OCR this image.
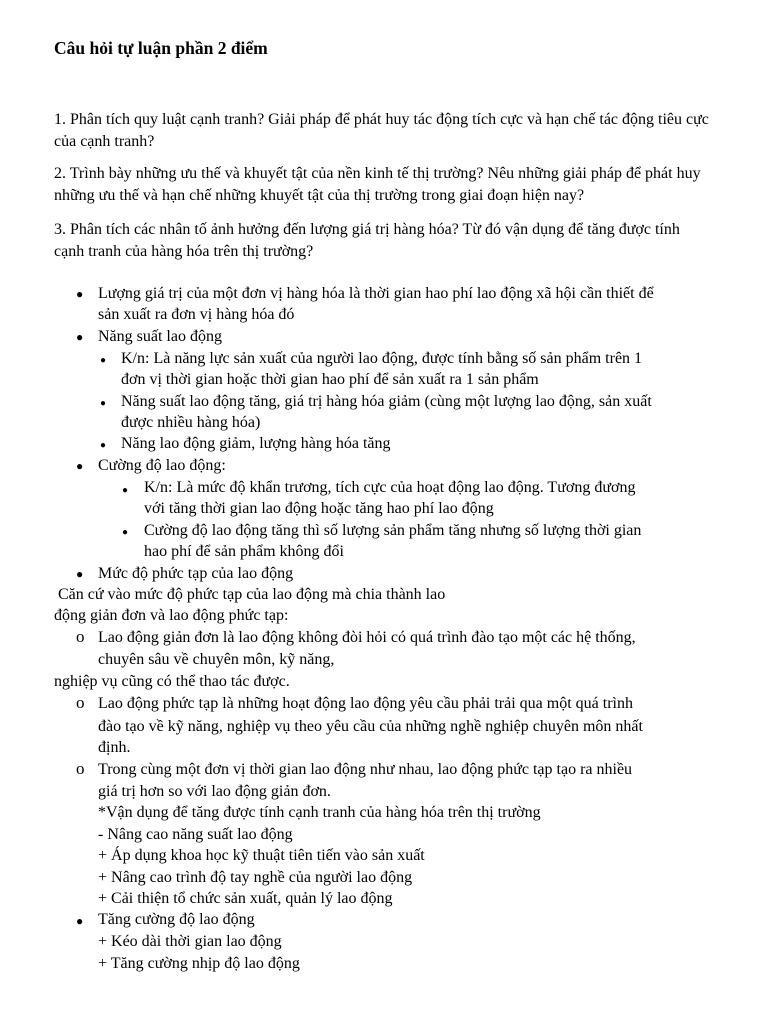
Câu hỏi tự luận phần 2 điểm
1. Phân tích quy luật cạnh tranh? Giải pháp để phát huy tác động tích cực và hạn chế tác động tiêu cực của cạnh tranh?
2. Trình bày những ưu thế và khuyết tật của nền kinh tế thị trường? Nêu những giải pháp để phát huy những ưu thế và hạn chế những khuyết tật của thị trường trong giai đoạn hiện nay?
3. Phân tích các nhân tố ảnh hưởng đến lượng giá trị hàng hóa? Từ đó vận dụng để tăng được tính cạnh tranh của hàng hóa trên thị trường?
● Lượng giá trị của một đơn vị hàng hóa là thời gian hao phí lao động xã hội cần thiết để
sản xuất ra đơn vị hàng hóa đó
● Năng suất lao động
● K/n: Là năng lực sản xuất của người lao động, được tính bằng số sản phẩm trên 1
đơn vị thời gian hoặc thời gian hao phí để sản xuất ra 1 sản phẩm
● Năng suất lao động tăng, giá trị hàng hóa giảm (cùng một lượng lao động, sản xuất
được nhiều hàng hóa)
● Năng lao động giảm, lượng hàng hóa tăng
● Cường độ lao động:
● K/n: Là mức độ khẩn trương, tích cực của hoạt động lao động. Tương đương
với tăng thời gian lao động hoặc tăng hao phí lao động
● Cường độ lao động tăng thì số lượng sản phẩm tăng nhưng số lượng thời gian
hao phí để sản phẩm không đổi
● Mức độ phức tạp của lao động
Căn cứ vào mức độ phức tạp của lao động mà chia thành lao
động giản đơn và lao động phức tạp:
o Lao động giản đơn là lao động không đòi hỏi có quá trình đào tạo một các hệ thống,
chuyên sâu về chuyên môn, kỹ năng,
nghiệp vụ cũng có thể thao tác được.
o Lao động phức tạp là những hoạt động lao động yêu cầu phải trải qua một quá trình
đào tạo về kỹ năng, nghiệp vụ theo yêu cầu của những nghề nghiệp chuyên môn nhất
định.
o Trong cùng một đơn vị thời gian lao động như nhau, lao động phức tạp tạo ra nhiều
giá trị hơn so với lao động giản đơn.
*Vận dụng để tăng được tính cạnh tranh của hàng hóa trên thị trường
- Nâng cao năng suất lao động
+ Áp dụng khoa học kỹ thuật tiên tiến vào sản xuất
+ Nâng cao trình độ tay nghề của người lao động
+ Cải thiện tổ chức sản xuất, quản lý lao động
● Tăng cường độ lao động
+ Kéo dài thời gian lao động
+ Tăng cường nhịp độ lao động
